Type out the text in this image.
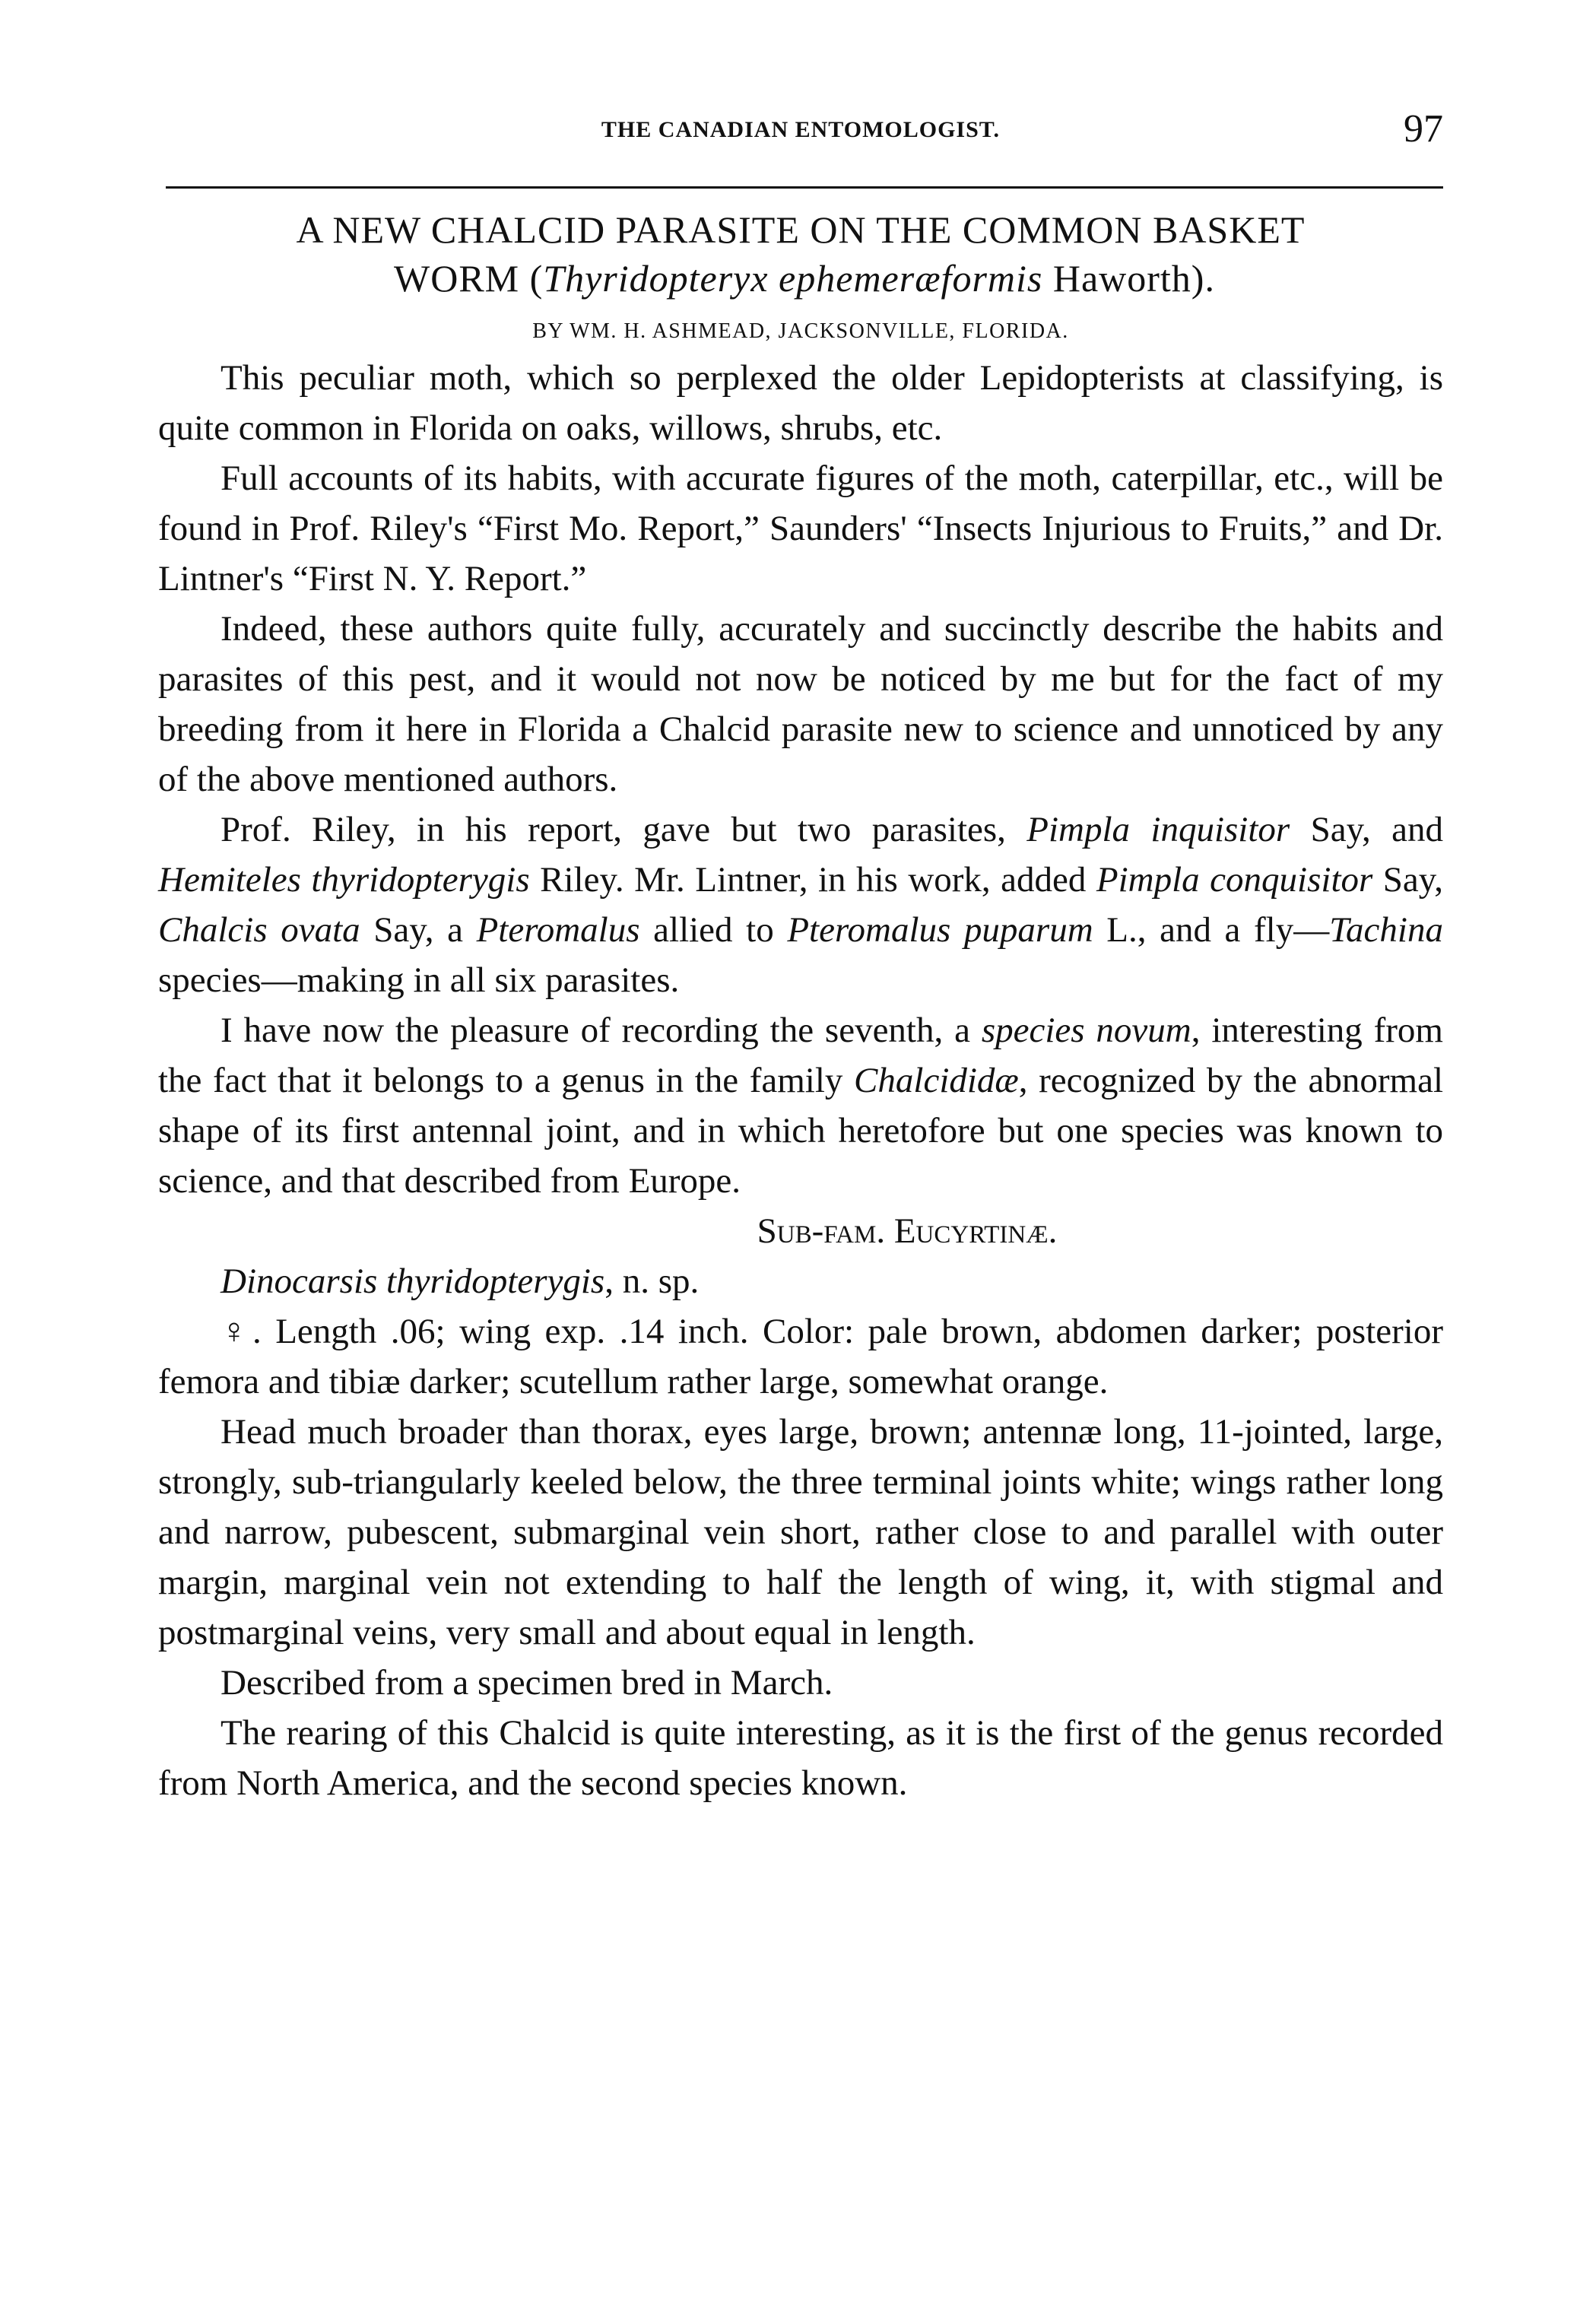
THE CANADIAN ENTOMOLOGIST.	97
A NEW CHALCID PARASITE ON THE COMMON BASKET
WORM (Thyridopteryx ephemeræformis Haworth).
BY WM. H. ASHMEAD, JACKSONVILLE, FLORIDA.

This peculiar moth, which so perplexed the older Lepidopterists at classifying, is quite common in Florida on oaks, willows, shrubs, etc.

Full accounts of its habits, with accurate figures of the moth, caterpillar, etc., will be found in Prof. Riley's “First Mo. Report,” Saunders' “Insects Injurious to Fruits,” and Dr. Lintner's “First N. Y. Report.”

Indeed, these authors quite fully, accurately and succinctly describe the habits and parasites of this pest, and it would not now be noticed by me but for the fact of my breeding from it here in Florida a Chalcid parasite new to science and unnoticed by any of the above mentioned authors.

Prof. Riley, in his report, gave but two parasites, Pimpla inquisitor Say, and Hemiteles thyridopterygis Riley. Mr. Lintner, in his work, added Pimpla conquisitor Say, Chalcis ovata Say, a Pteromalus allied to Pteromalus puparum L., and a fly—Tachina species—making in all six parasites.

I have now the pleasure of recording the seventh, a species novum, interesting from the fact that it belongs to a genus in the family Chalcididæ, recognized by the abnormal shape of its first antennal joint, and in which heretofore but one species was known to science, and that described from Europe.

Sub-fam. Eucyrtinæ.

Dinocarsis thyridopterygis, n. sp.

♀. Length .06; wing exp. .14 inch. Color: pale brown, abdomen darker; posterior femora and tibiæ darker; scutellum rather large, somewhat orange.

Head much broader than thorax, eyes large, brown; antennæ long, 11-jointed, large, strongly, sub-triangularly keeled below, the three terminal joints white; wings rather long and narrow, pubescent, submarginal vein short, rather close to and parallel with outer margin, marginal vein not extending to half the length of wing, it, with stigmal and postmarginal veins, very small and about equal in length.

Described from a specimen bred in March.

The rearing of this Chalcid is quite interesting, as it is the first of the genus recorded from North America, and the second species known.
